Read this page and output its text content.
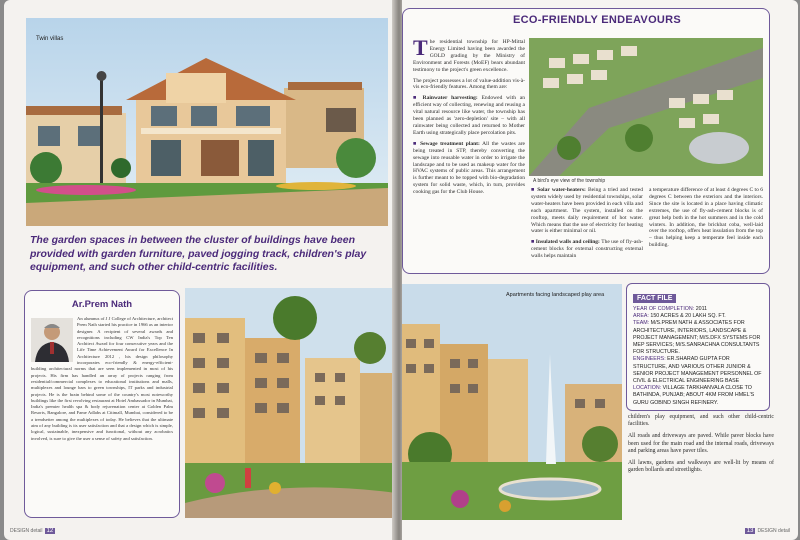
Twin villas
The garden spaces in between the cluster of buildings have been provided with garden furniture, paved jogging track, children's play equipment, and such other child-centric facilities.
Ar.Prem Nath
An alumnus of J J College of Architecture, architect Prem Nath started his practice in 1966 as an interior designer. A recipient of several awards and recognitions including CW India's Top Ten Architect Award for four consecutive years and the Life Time Achievement Award for Excellence In Architecture 2012 , his design philosophy incorporates eco-friendly & energy-efficient-building architectural norms that are seen implemented in most of his projects. His firm has handled an array of projects ranging from residential/commercial complexes to educational institutions and malls, multiplexes and lounge bars to green townships, IT parks and industrial projects. He is the brain behind some of the country's most noteworthy buildings like the first revolving restaurant at Hotel Ambassador in Mumbai, India's premier health spa & body rejuvenation center at Golden Palm Resorts, Bangalore, and Fame Adlabs at Citimall, Mumbai, considered to be a trendsetter among the multiplexes of today. He believes that the ultimate aim of any building is its user satisfaction and that a design which is simple, logical, sustainable, inexpensive and functional, without any acrobatics involved, is sure to give the user a sense of safety and satisfaction.
DESIGN detail 12
ECO-FRIENDLY ENDEAVOURS

The residential township for HP-Mittal Energy Limited having been awarded the GOLD grading by the Ministry of Environment and Forests (MoEF) bears abundant testimony to the project's green excellence.

The project possesses a lot of value-addition vis-à-vis eco-friendly features. Among them are:

■ Rainwater harvesting: Endowed with an efficient way of collecting, renewing and reusing a vital natural resource like water, the township has been planned as 'zero-depletion' site – with all rainwater being collected and returned to Mother Earth using strategically place percolation pits.

■ Sewage treatment plant: All the wastes are being treated in STP, thereby converting the sewage into reusable water in order to irrigate the landscape and to be used as makeup water for the HVAC systems of public areas. This arrangement is further meant to be topped with bio-degradation system for solid waste, which, in turn, provides cooking gas for the Club House.

A bird's eye view of the township

■ Solar water-heaters: Being a tried and tested system widely used by residential townships, solar water-heaters have been provided in each villa and each apartment. The system, installed on the rooftop, meets daily requirement of hot water. Which means that the use of electricity for heating water is either minimal or nil.

■ Insulated walls and ceiling: The use of fly-ash-cement blocks for external constructing external walls helps maintain

a temperature difference of at least 4 degrees C to 6 degrees C between the exteriors and the interiors. Since the site is located in a place having climatic extremes, the use of fly-ash-cement blocks is of great help both in the hot summers and in the cold winters. In addition, the brickbat coba, well-laid over the rooftop, offers heat insulation from the top – thus helping keep a temperate feel inside each building.
Apartments facing landscaped play area	FACT FILE
YEAR OF COMPLETION: 2011
AREA: 150 ACRES & 20 LAKH SQ. FT.
TEAM: M/S.PREM NATH & ASSOCIATES FOR ARCHITECTURE, INTERIORS, LANDSCAPE & PROJECT MANAGEMENT; M/S.DFX SYSTEMS FOR MEP SERVICES; M/S.SANRACHNA CONSULTANTS FOR STRUCTURE.
ENGINEERS: ER.SHARAD GUPTA FOR STRUCTURE, AND VARIOUS OTHER JUNIOR & SENIOR PROJECT MANAGEMENT PERSONNEL OF CIVIL & ELECTRICAL ENGINEERING BASE
LOCATION: VILLAGE TARKHANVALA CLOSE TO BATHINDA, PUNJAB; ABOUT 4KM FROM HMEL'S GURU GOBIND SINGH REFINERY.

children's play equipment, and such other child-centric facilities.

All roads and driveways are paved. While paver blocks have been used for the main road and the internal roads, driveways and parking areas have paver tiles.

All lawns, gardens and walkways are well-lit by means of garden bollards and streetlights.

13 DESIGN detail
